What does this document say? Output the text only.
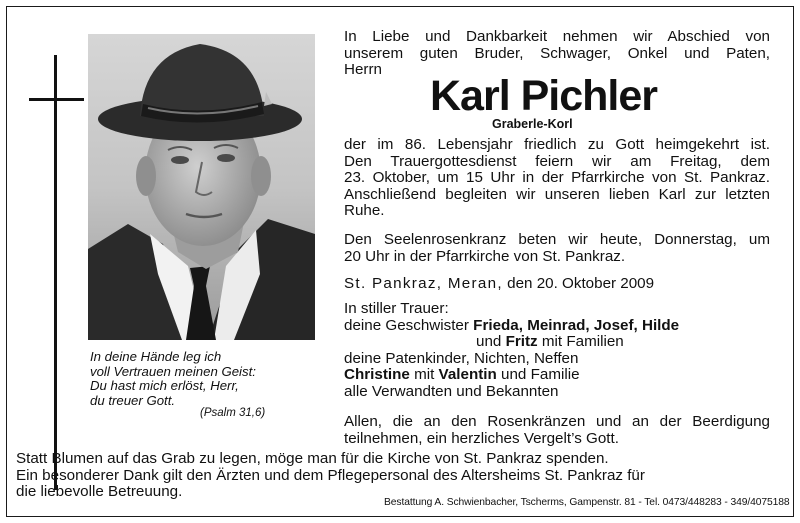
In deine Hände leg ich
voll Vertrauen meinen Geist:
Du hast mich erlöst, Herr,
du treuer Gott.
(Psalm 31,6)
In Liebe und Dankbarkeit nehmen wir Abschied von
unserem guten Bruder, Schwager, Onkel und Paten,
Herrn
Karl Pichler
Graberle-Korl
der im 86. Lebensjahr friedlich zu Gott heimgekehrt ist.
Den Trauergottesdienst feiern wir am Freitag, dem
23. Oktober, um 15 Uhr in der Pfarrkirche von St. Pankraz.
Anschließend begleiten wir unseren lieben Karl zur letzten
Ruhe.
Den Seelenrosenkranz beten wir heute, Donnerstag, um
20 Uhr in der Pfarrkirche von St. Pankraz.
St. Pankraz, Meran, den 20. Oktober 2009
In stiller Trauer:
deine Geschwister Frieda, Meinrad, Josef, Hilde
und Fritz mit Familien
deine Patenkinder, Nichten, Neffen
Christine mit Valentin und Familie
alle Verwandten und Bekannten
Allen, die an den Rosenkränzen und an der Beerdigung
teilnehmen, ein herzliches Vergelt’s Gott.
Statt Blumen auf das Grab zu legen, möge man für die Kirche von St. Pankraz spenden.
Ein besonderer Dank gilt den Ärzten und dem Pflegepersonal des Altersheims St. Pankraz für
die liebevolle Betreuung.
Bestattung A. Schwienbacher, Tscherms, Gampenstr. 81 - Tel. 0473/448283 - 349/4075188
